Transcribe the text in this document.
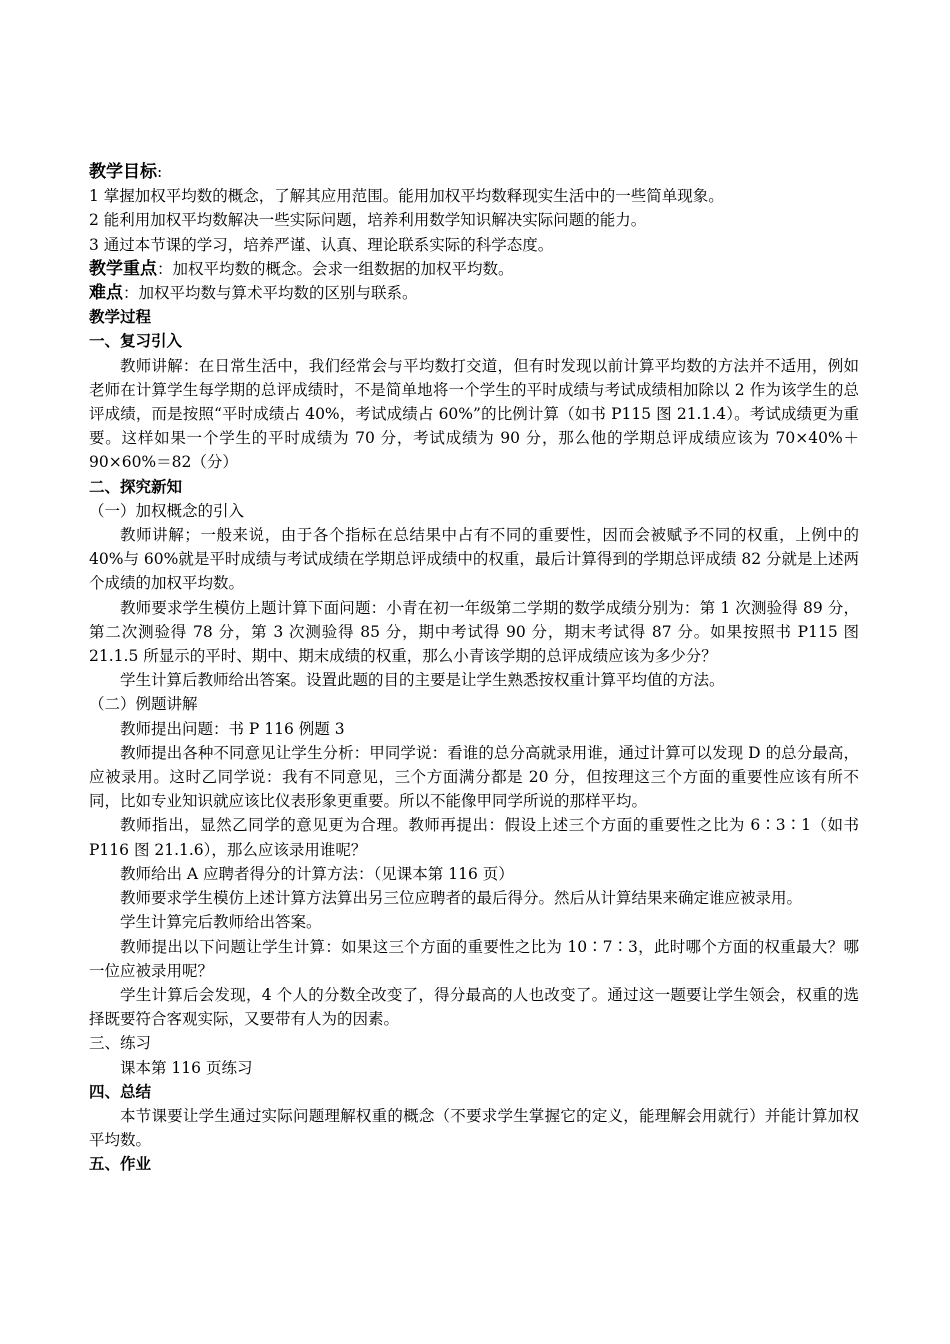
教学目标:

1 掌握加权平均数的概念，了解其应用范围。能用加权平均数释现实生活中的一些简单现象。

2 能利用加权平均数解决一些实际问题，培养利用数学知识解决实际问题的能力。

3 通过本节课的学习，培养严谨、认真、理论联系实际的科学态度。

教学重点：加权平均数的概念。会求一组数据的加权平均数。

难点：加权平均数与算术平均数的区别与联系。

教学过程

一、复习引入

教师讲解：在日常生活中，我们经常会与平均数打交道，但有时发现以前计算平均数的方法并不适用，例如老师在计算学生每学期的总评成绩时，不是简单地将一个学生的平时成绩与考试成绩相加除以 2 作为该学生的总评成绩，而是按照“平时成绩占 40%，考试成绩占 60%”的比例计算（如书 P115 图 21.1.4）。考试成绩更为重要。这样如果一个学生的平时成绩为 70 分，考试成绩为 90 分，那么他的学期总评成绩应该为 70×40%＋90×60%＝82（分）

二、探究新知

（一）加权概念的引入

教师讲解；一般来说，由于各个指标在总结果中占有不同的重要性，因而会被赋予不同的权重，上例中的 40%与 60%就是平时成绩与考试成绩在学期总评成绩中的权重，最后计算得到的学期总评成绩 82 分就是上述两个成绩的加权平均数。

教师要求学生模仿上题计算下面问题：小青在初一年级第二学期的数学成绩分别为：第 1 次测验得 89 分，第二次测验得 78 分，第 3 次测验得 85 分，期中考试得 90 分，期末考试得 87 分。如果按照书 P115 图 21.1.5 所显示的平时、期中、期末成绩的权重，那么小青该学期的总评成绩应该为多少分？

学生计算后教师给出答案。设置此题的目的主要是让学生熟悉按权重计算平均值的方法。

（二）例题讲解

教师提出问题：书 P 116 例题 3

教师提出各种不同意见让学生分析：甲同学说：看谁的总分高就录用谁，通过计算可以发现 D 的总分最高，应被录用。这时乙同学说：我有不同意见，三个方面满分都是 20 分，但按理这三个方面的重要性应该有所不同，比如专业知识就应该比仪表形象更重要。所以不能像甲同学所说的那样平均。

教师指出，显然乙同学的意见更为合理。教师再提出：假设上述三个方面的重要性之比为 6∶3∶1（如书 P116 图 21.1.6），那么应该录用谁呢？

教师给出 A 应聘者得分的计算方法：（见课本第 116 页）

教师要求学生模仿上述计算方法算出另三位应聘者的最后得分。然后从计算结果来确定谁应被录用。

学生计算完后教师给出答案。

教师提出以下问题让学生计算：如果这三个方面的重要性之比为 10∶7∶3，此时哪个方面的权重最大？哪一位应被录用呢？

学生计算后会发现，4 个人的分数全改变了，得分最高的人也改变了。通过这一题要让学生领会，权重的选择既要符合客观实际，又要带有人为的因素。

三、练习

课本第 116 页练习

四、总结

本节课要让学生通过实际问题理解权重的概念（不要求学生掌握它的定义，能理解会用就行）并能计算加权平均数。

五、作业
